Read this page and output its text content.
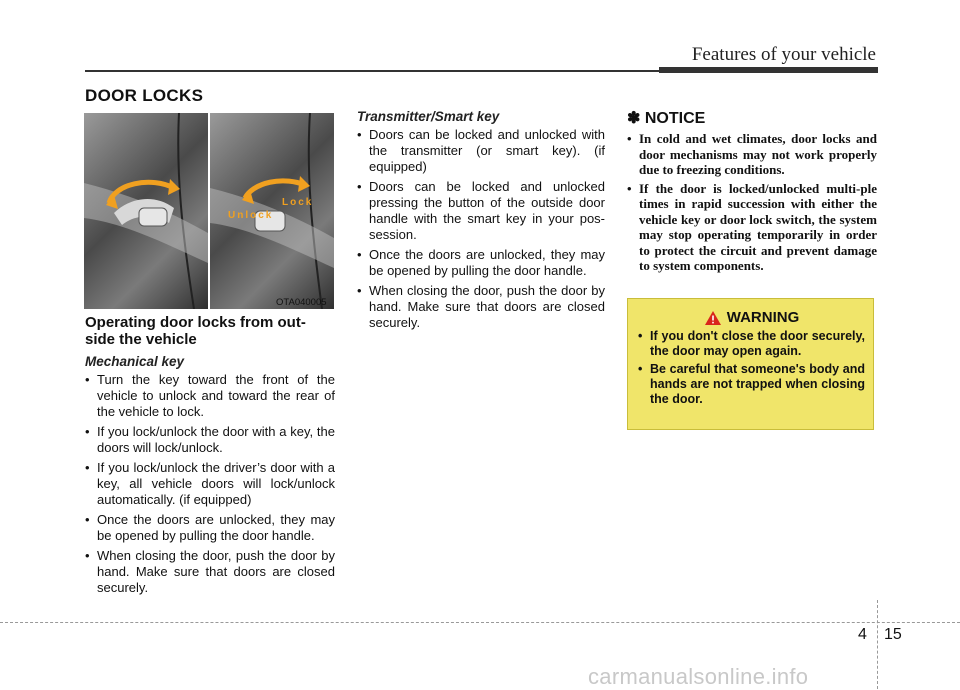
Features of your vehicle
DOOR LOCKS
Lock
Unlock
OTA040005
Operating door locks from out-side the vehicle
Mechanical key
• Turn the key toward the front of the vehicle to unlock and toward the rear of the vehicle to lock.
• If you lock/unlock the door with a key, the doors will lock/unlock.
• If you lock/unlock the driver’s door with a key, all vehicle doors will lock/unlock automatically. (if equipped)
• Once the doors are unlocked, they may be opened by pulling the door handle.
• When closing the door, push the door by hand. Make sure that doors are closed securely.
Transmitter/Smart key
• Doors can be locked and unlocked with the transmitter (or smart key). (if equipped)
• Doors can be locked and unlocked pressing the button of the outside door handle with the smart key in your pos-session.
• Once the doors are unlocked, they may be opened by pulling the door handle.
• When closing the door, push the door by hand. Make sure that doors are closed securely.
✽ NOTICE
• In cold and wet climates, door locks and door mechanisms may not work properly due to freezing conditions.
• If the door is locked/unlocked multi-ple times in rapid succession with either the vehicle key or door lock switch, the system may stop operating temporarily in order to protect the circuit and prevent damage to system components.
WARNING
• If you don't close the door securely, the door may open again.
• Be careful that someone's body and hands are not trapped when closing the door.
4 15
carmanualsonline.info
